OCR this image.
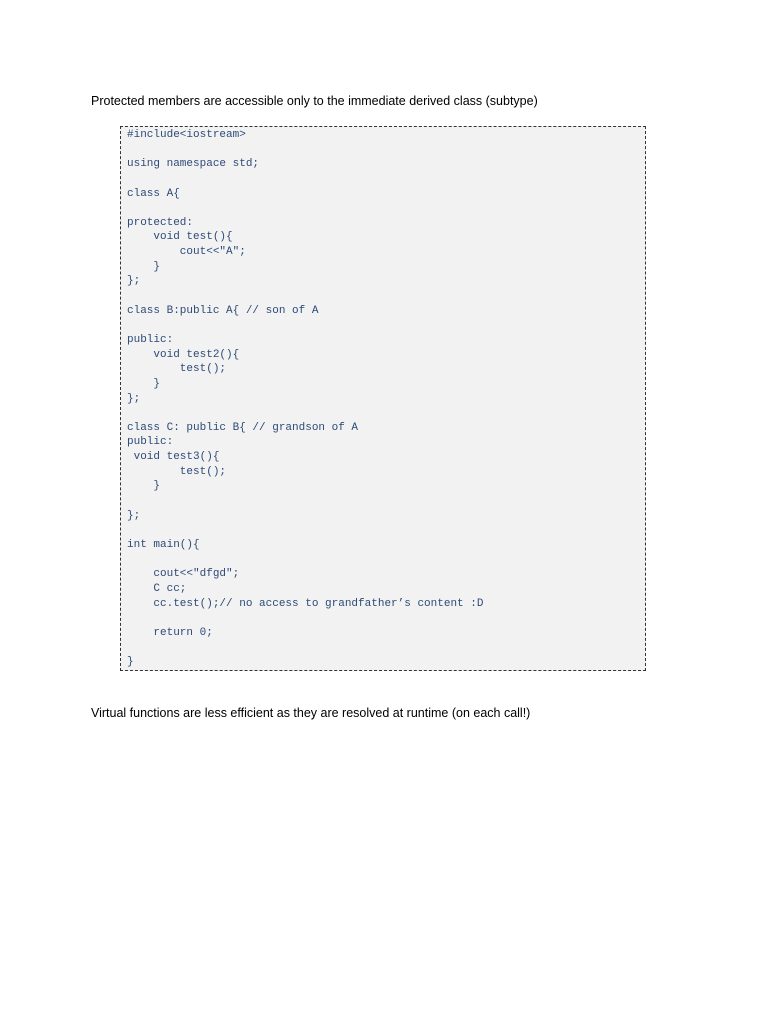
Protected members are accessible only to the immediate derived class (subtype)

#include<iostream>
using namespace std;
class A{
protected:
void test(){
cout<<"A";
}
};
class B:public A{ // son of A
public:
void test2(){
test();
}
};
class C: public B{ // grandson of A
public:
void test3(){
test();
}
};
int main(){
cout<<"dfgd";
C cc;
cc.test();// no access to grandfather’s content :D
return 0;
}

Virtual functions are less efficient as they are resolved at runtime (on each call!)
